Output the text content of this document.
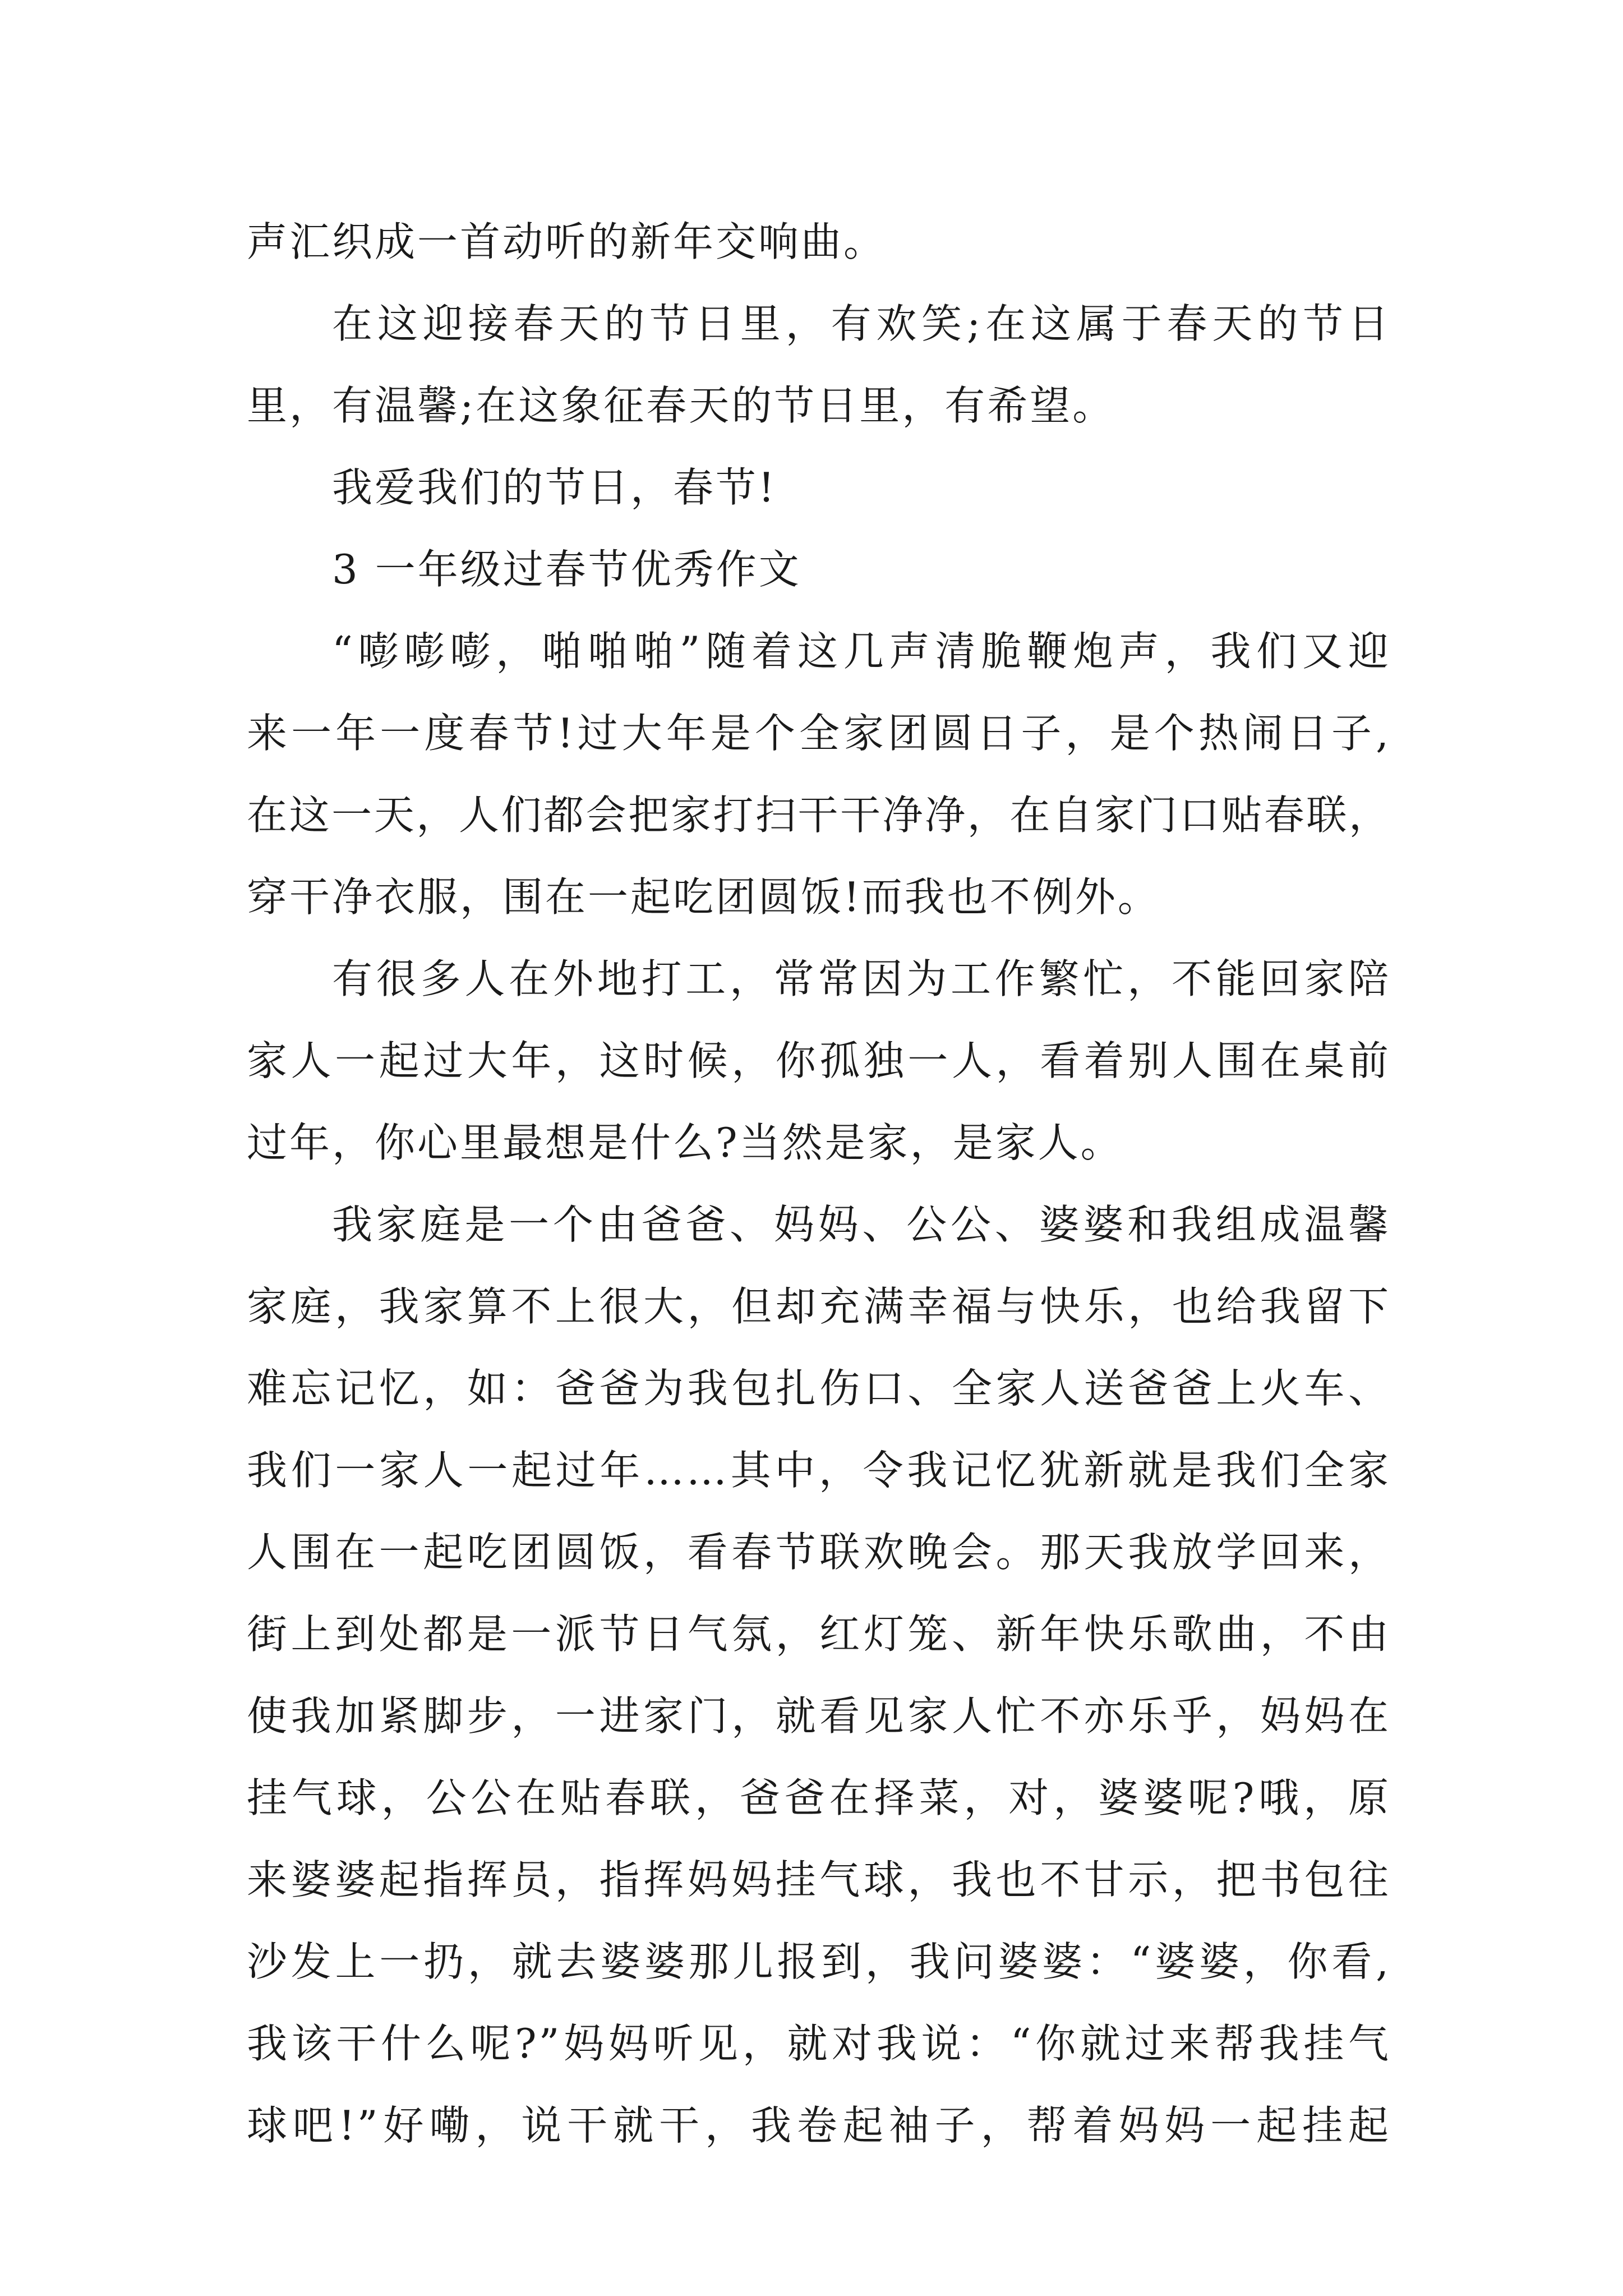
声汇织成一首动听的新年交响曲。
在这迎接春天的节日里，有欢笑;在这属于春天的节日
里，有温馨;在这象征春天的节日里，有希望。
我爱我们的节日，春节!
3 一年级过春节优秀作文
“嘭嘭嘭，啪啪啪”随着这几声清脆鞭炮声，我们又迎
来一年一度春节!过大年是个全家团圆日子，是个热闹日子,
在这一天，人们都会把家打扫干干净净，在自家门口贴春联，
穿干净衣服，围在一起吃团圆饭!而我也不例外。
有很多人在外地打工，常常因为工作繁忙，不能回家陪
家人一起过大年，这时候，你孤独一人，看着别人围在桌前
过年，你心里最想是什么?当然是家，是家人。
我家庭是一个由爸爸、妈妈、公公、婆婆和我组成温馨
家庭，我家算不上很大，但却充满幸福与快乐，也给我留下
难忘记忆，如：爸爸为我包扎伤口、全家人送爸爸上火车、
我们一家人一起过年……其中，令我记忆犹新就是我们全家
人围在一起吃团圆饭，看春节联欢晚会。那天我放学回来，
街上到处都是一派节日气氛，红灯笼、新年快乐歌曲，不由
使我加紧脚步，一进家门，就看见家人忙不亦乐乎，妈妈在
挂气球，公公在贴春联，爸爸在择菜，对，婆婆呢?哦，原
来婆婆起指挥员，指挥妈妈挂气球，我也不甘示，把书包往
沙发上一扔，就去婆婆那儿报到，我问婆婆：“婆婆，你看,
我该干什么呢?”妈妈听见，就对我说：“你就过来帮我挂气
球吧!”好嘞，说干就干，我卷起袖子，帮着妈妈一起挂起
